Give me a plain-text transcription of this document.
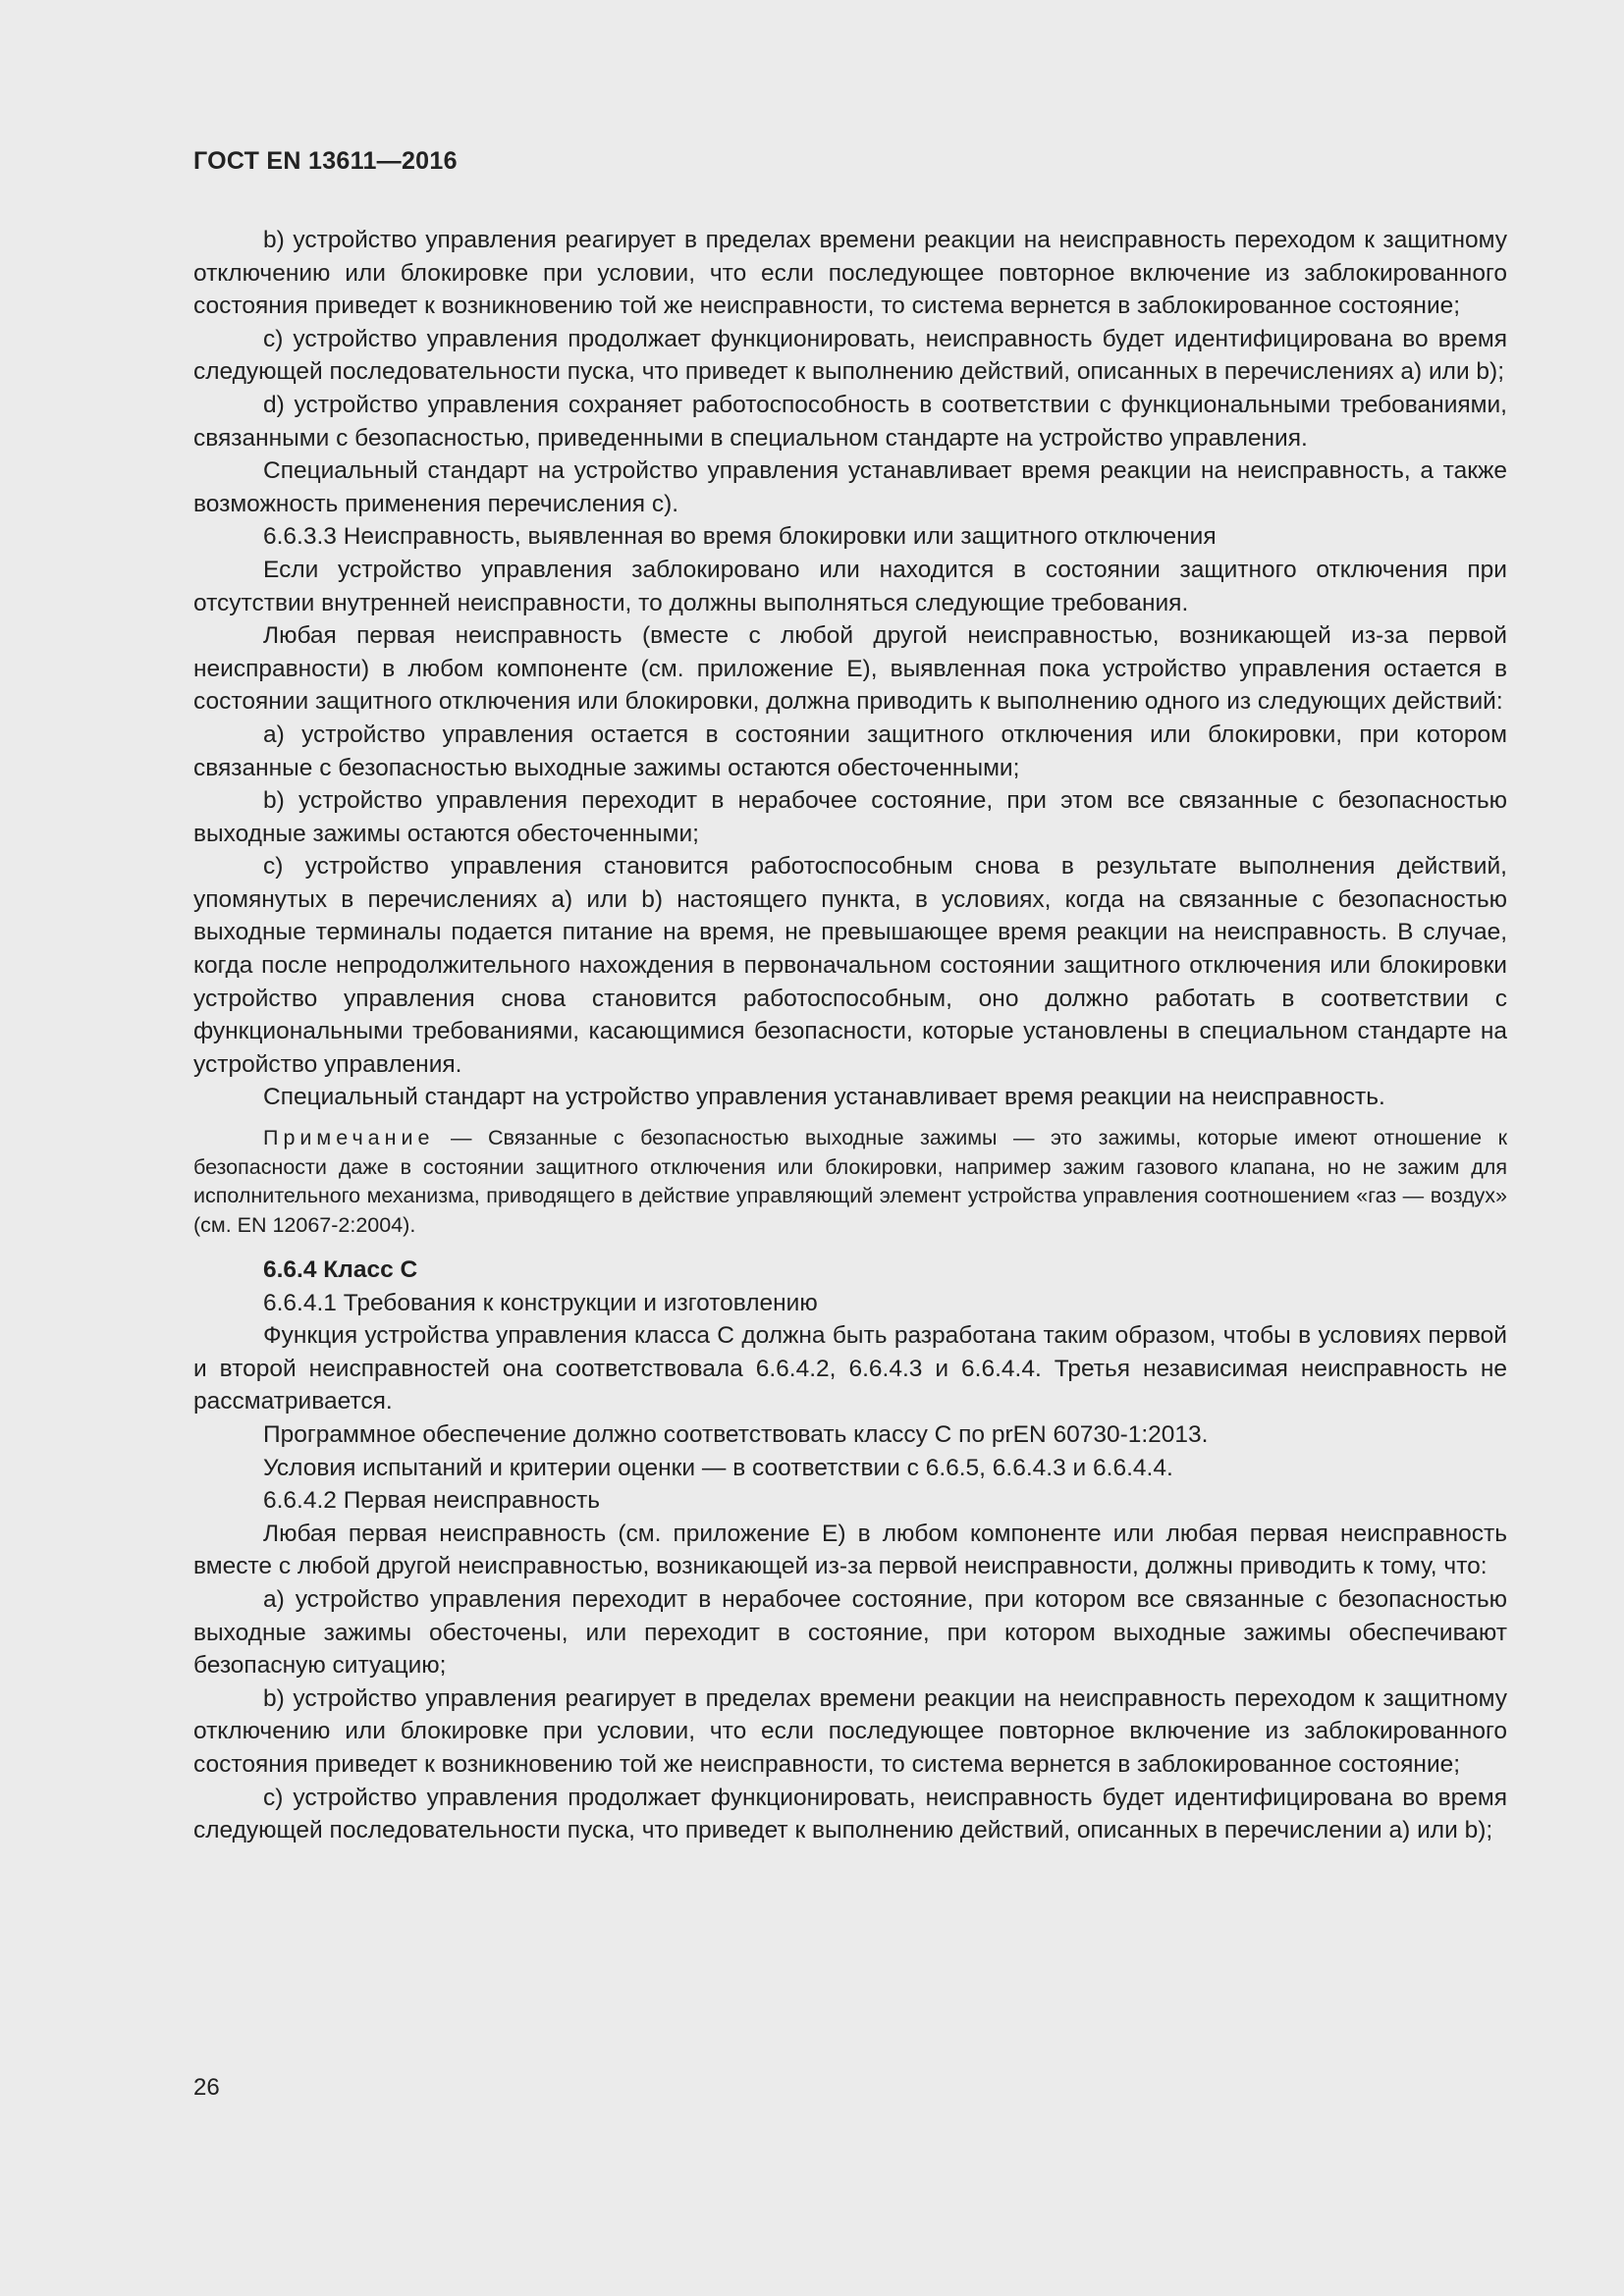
ГОСТ EN 13611—2016

b) устройство управления реагирует в пределах времени реакции на неисправность переходом к защитному отключению или блокировке при условии, что если последующее повторное включение из заблокированного состояния приведет к возникновению той же неисправности, то система вернется в заблокированное состояние;

c) устройство управления продолжает функционировать, неисправность будет идентифицирована во время следующей последовательности пуска, что приведет к выполнению действий, описанных в перечислениях а) или b);

d) устройство управления сохраняет работоспособность в соответствии с функциональными требованиями, связанными с безопасностью, приведенными в специальном стандарте на устройство управления.

Специальный стандарт на устройство управления устанавливает время реакции на неисправность, а также возможность применения перечисления с).

6.6.3.3 Неисправность, выявленная во время блокировки или защитного отключения

Если устройство управления заблокировано или находится в состоянии защитного отключения при отсутствии внутренней неисправности, то должны выполняться следующие требования.

Любая первая неисправность (вместе с любой другой неисправностью, возникающей из-за первой неисправности) в любом компоненте (см. приложение Е), выявленная пока устройство управления остается в состоянии защитного отключения или блокировки, должна приводить к выполнению одного из следующих действий:

а) устройство управления остается в состоянии защитного отключения или блокировки, при котором связанные с безопасностью выходные зажимы остаются обесточенными;

b) устройство управления переходит в нерабочее состояние, при этом все связанные с безопасностью выходные зажимы остаются обесточенными;

с) устройство управления становится работоспособным снова в результате выполнения действий, упомянутых в перечислениях а) или b) настоящего пункта, в условиях, когда на связанные с безопасностью выходные терминалы подается питание на время, не превышающее время реакции на неисправность. В случае, когда после непродолжительного нахождения в первоначальном состоянии защитного отключения или блокировки устройство управления снова становится работоспособным, оно должно работать в соответствии с функциональными требованиями, касающимися безопасности, которые установлены в специальном стандарте на устройство управления.

Специальный стандарт на устройство управления устанавливает время реакции на неисправность.

Примечание — Связанные с безопасностью выходные зажимы — это зажимы, которые имеют отношение к безопасности даже в состоянии защитного отключения или блокировки, например зажим газового клапана, но не зажим для исполнительного механизма, приводящего в действие управляющий элемент устройства управления соотношением «газ — воздух» (см. EN 12067-2:2004).

6.6.4 Класс С

6.6.4.1 Требования к конструкции и изготовлению

Функция устройства управления класса С должна быть разработана таким образом, чтобы в условиях первой и второй неисправностей она соответствовала 6.6.4.2, 6.6.4.3 и 6.6.4.4. Третья независимая неисправность не рассматривается.

Программное обеспечение должно соответствовать классу С по prEN 60730-1:2013.

Условия испытаний и критерии оценки — в соответствии с 6.6.5, 6.6.4.3 и 6.6.4.4.

6.6.4.2 Первая неисправность

Любая первая неисправность (см. приложение Е) в любом компоненте или любая первая неисправность вместе с любой другой неисправностью, возникающей из-за первой неисправности, должны приводить к тому, что:

а) устройство управления переходит в нерабочее состояние, при котором все связанные с безопасностью выходные зажимы обесточены, или переходит в состояние, при котором выходные зажимы обеспечивают безопасную ситуацию;

b) устройство управления реагирует в пределах времени реакции на неисправность переходом к защитному отключению или блокировке при условии, что если последующее повторное включение из заблокированного состояния приведет к возникновению той же неисправности, то система вернется в заблокированное состояние;

с) устройство управления продолжает функционировать, неисправность будет идентифицирована во время следующей последовательности пуска, что приведет к выполнению действий, описанных в перечислении а) или b);

26
